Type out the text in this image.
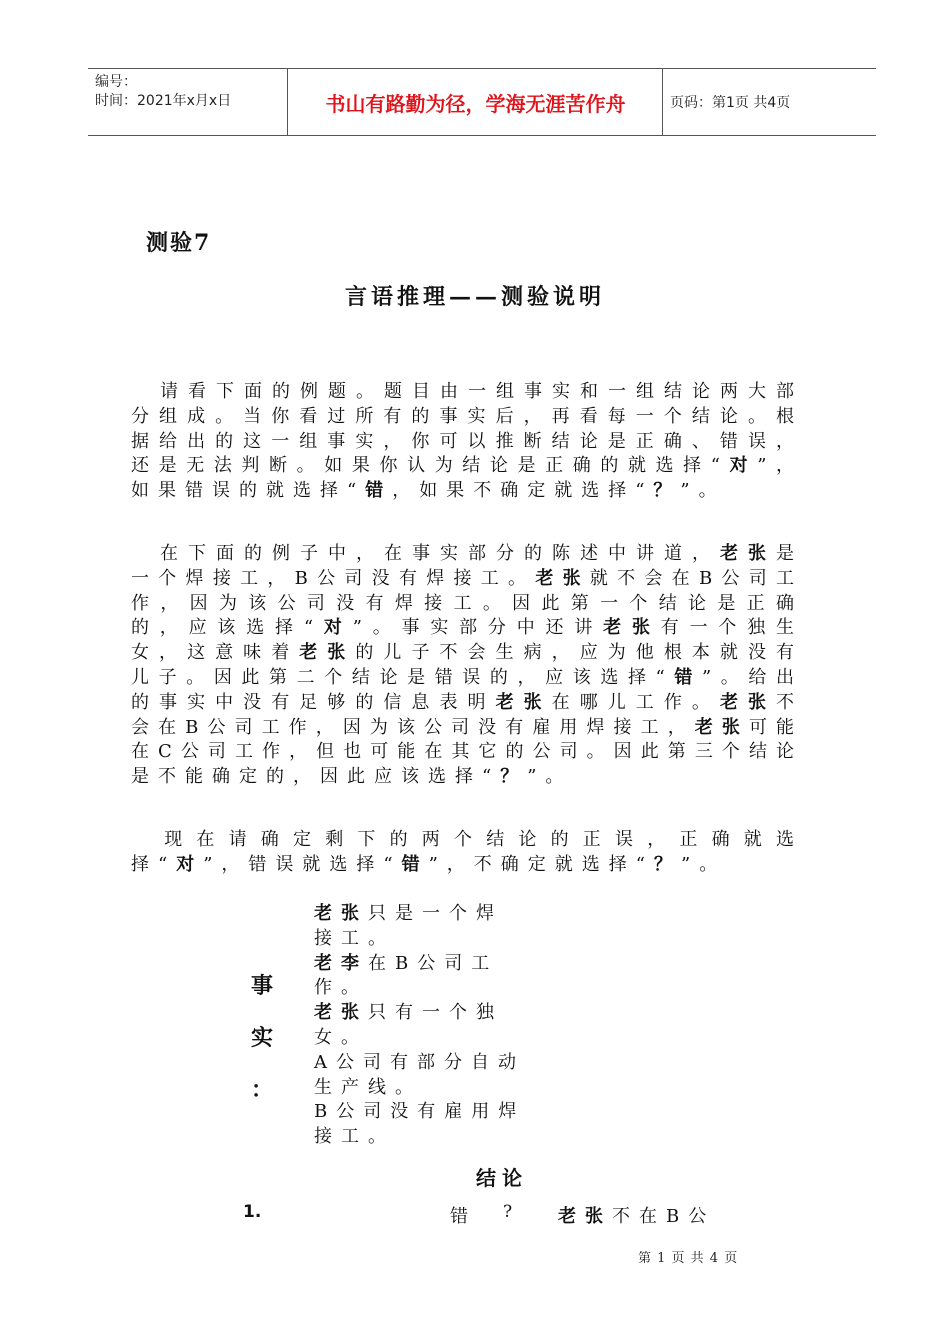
编号：
时间：2021年x月x日	书山有路勤为径，学海无涯苦作舟	页码：第1页 共4页
测验7
言语推理——测验说明
请看下面的例题。题目由一组事实和一组结论两大部分组成。当你看过所有的事实后，再看每一个结论。根据给出的这一组事实，你可以推断结论是正确、错误，还是无法判断。如果你认为结论是正确的就选择“对”，如果错误的就选择“错，如果不确定就选择“？”。
在下面的例子中，在事实部分的陈述中讲道，老张是一个焊接工，B公司没有焊接工。老张就不会在B公司工作，因为该公司没有焊接工。因此第一个结论是正确的，应该选择“对”。事实部分中还讲老张有一个独生女，这意味着老张的儿子不会生病，应为他根本就没有儿子。因此第二个结论是错误的，应该选择“错”。给出的事实中没有足够的信息表明老张在哪儿工作。老张不会在B公司工作，因为该公司没有雇用焊接工，老张可能在C公司工作，但也可能在其它的公司。因此第三个结论是不能确定的，因此应该选择“？”。
现在请确定剩下的两个结论的正误，正确就选择“对”，错误就选择“错”，不确定就选择“？”。
事
实
：

老张只是一个焊接工。

老李在B公司工作。

老张只有一个独女。

A公司有部分自动生产线。

B公司没有雇用焊接工。

结论
1.	错 ?	老张不在B公
第 1 页 共 4 页
